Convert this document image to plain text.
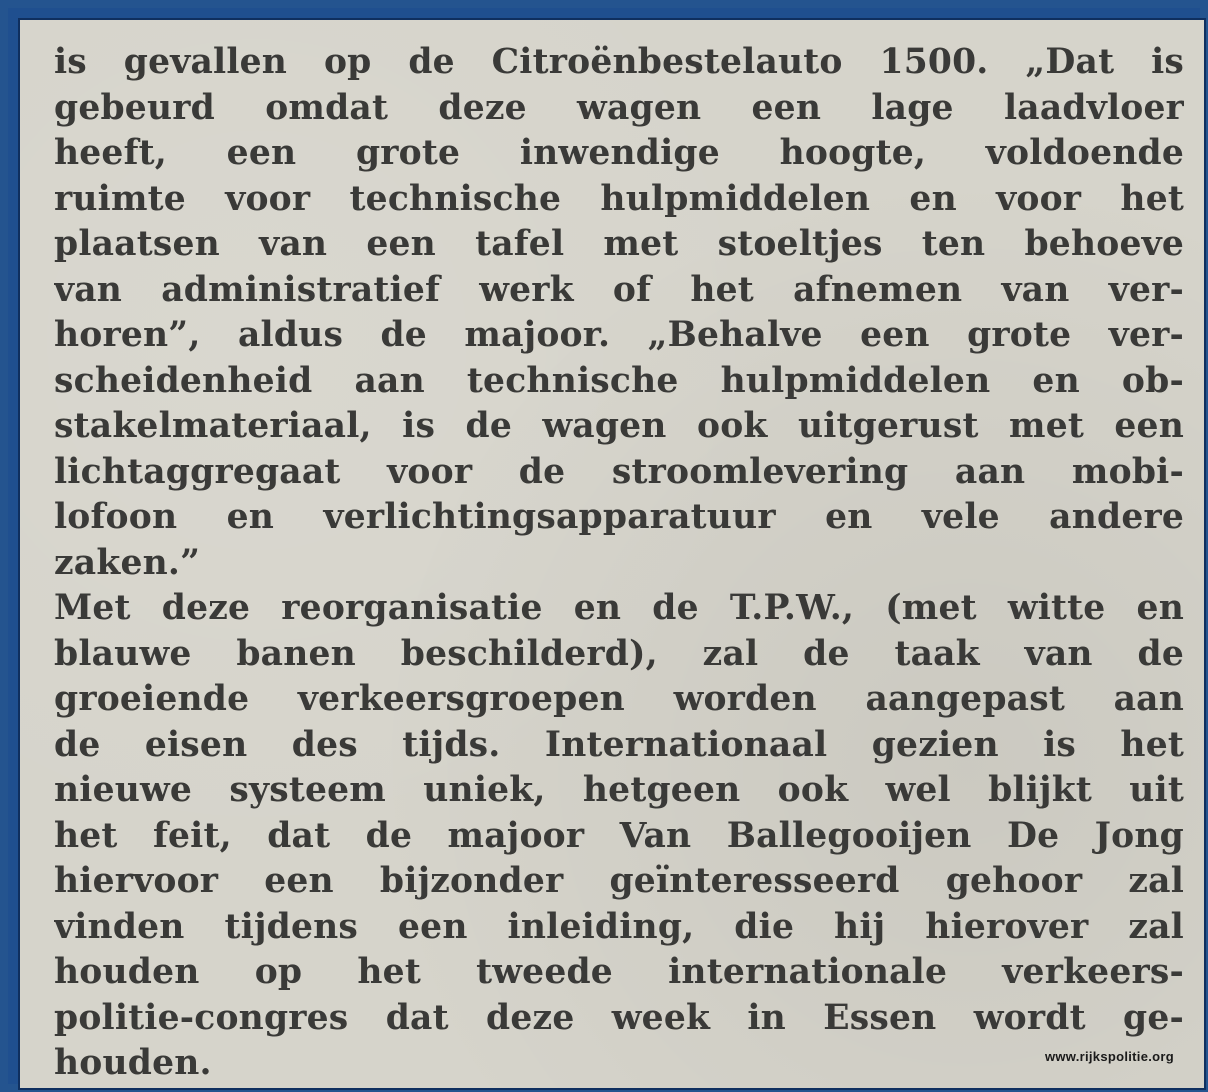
is gevallen op de Citroënbestelauto 1500. „Dat is
gebeurd omdat deze wagen een lage laadvloer
heeft, een grote inwendige hoogte, voldoende
ruimte voor technische hulpmiddelen en voor het
plaatsen van een tafel met stoeltjes ten behoeve
van administratief werk of het afnemen van ver-
horen”, aldus de majoor. „Behalve een grote ver-
scheidenheid aan technische hulpmiddelen en ob-
stakelmateriaal, is de wagen ook uitgerust met een
lichtaggregaat voor de stroomlevering aan mobi-
lofoon en verlichtingsapparatuur en vele andere
zaken.”
Met deze reorganisatie en de T.P.W., (met witte en
blauwe banen beschilderd), zal de taak van de
groeiende verkeersgroepen worden aangepast aan
de eisen des tijds. Internationaal gezien is het
nieuwe systeem uniek, hetgeen ook wel blijkt uit
het feit, dat de majoor Van Ballegooijen De Jong
hiervoor een bijzonder geïnteresseerd gehoor zal
vinden tijdens een inleiding, die hij hierover zal
houden op het tweede internationale verkeers-
politie-congres dat deze week in Essen wordt ge-
houden.	www.rijkspolitie.org
